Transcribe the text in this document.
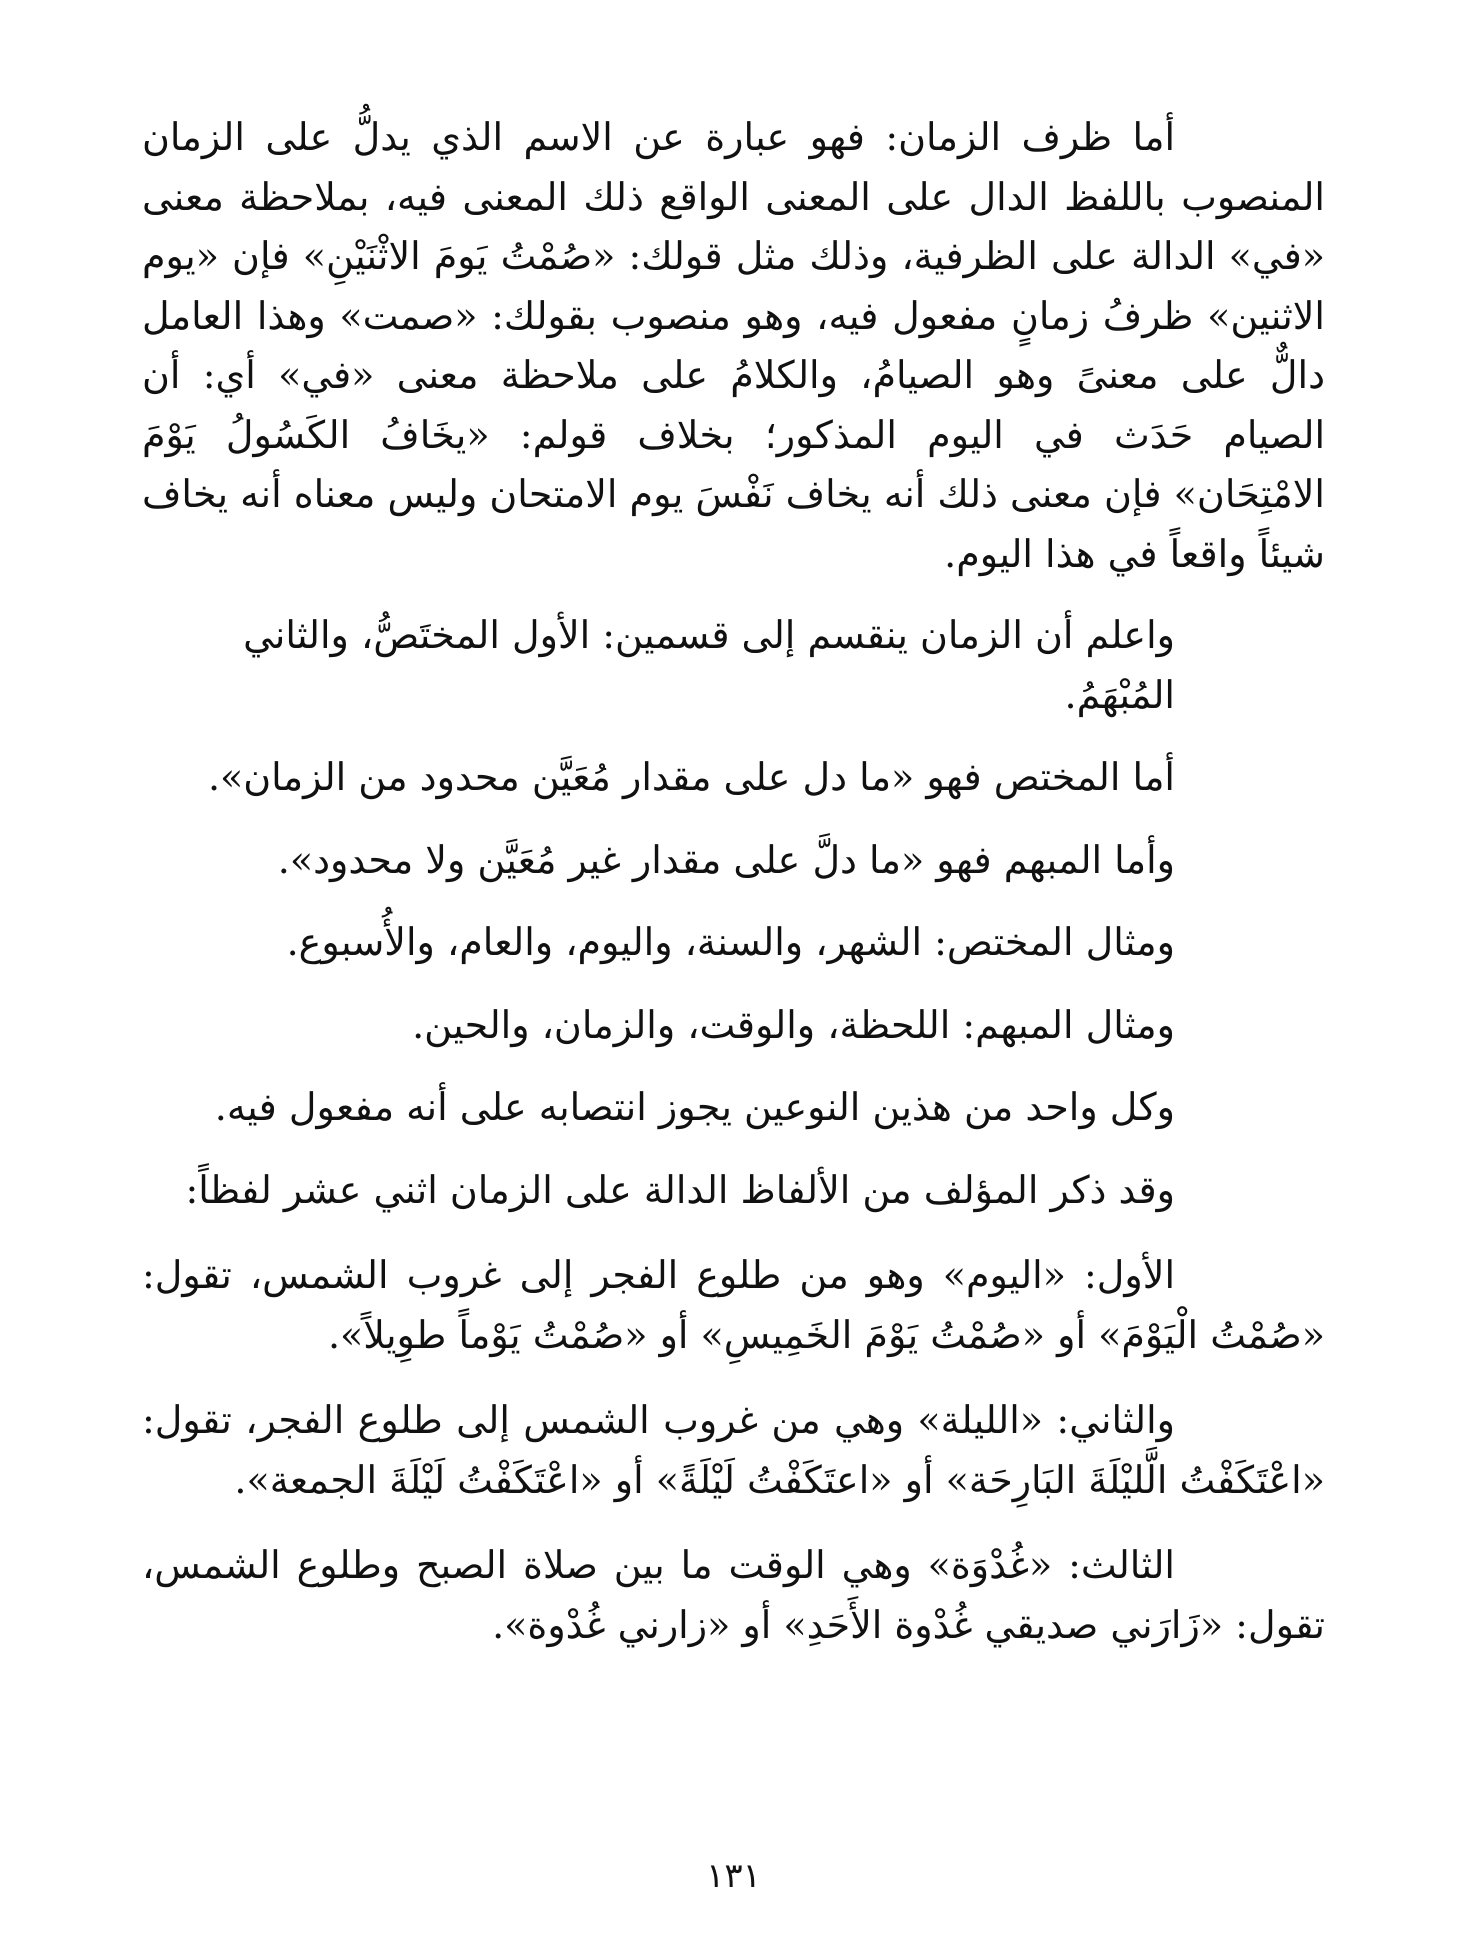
أما ظرف الزمان: فهو عبارة عن الاسم الذي يدلُّ على الزمان المنصوب باللفظ الدال على المعنى الواقع ذلك المعنى فيه، بملاحظة معنى «في» الدالة على الظرفية، وذلك مثل قولك: «صُمْتُ يَومَ الاثْنَيْنِ» فإن «يوم الاثنين» ظرفُ زمانٍ مفعول فيه، وهو منصوب بقولك: «صمت» وهذا العامل دالٌّ على معنىً وهو الصيامُ، والكلامُ على ملاحظة معنى «في» أي: أن الصيام حَدَث في اليوم المذكور؛ بخلاف قولم: «يخَافُ الكَسُولُ يَوْمَ الامْتِحَان» فإن معنى ذلك أنه يخاف نَفْسَ يوم الامتحان وليس معناه أنه يخاف شيئاً واقعاً في هذا اليوم.

واعلم أن الزمان ينقسم إلى قسمين: الأول المختَصُّ، والثاني المُبْهَمُ.

أما المختص فهو «ما دل على مقدار مُعَيَّن محدود من الزمان».

وأما المبهم فهو «ما دلَّ على مقدار غير مُعَيَّن ولا محدود».

ومثال المختص: الشهر، والسنة، واليوم، والعام، والأُسبوع.

ومثال المبهم: اللحظة، والوقت، والزمان، والحين.

وكل واحد من هذين النوعين يجوز انتصابه على أنه مفعول فيه.

وقد ذكر المؤلف من الألفاظ الدالة على الزمان اثني عشر لفظاً:

الأول: «اليوم» وهو من طلوع الفجر إلى غروب الشمس، تقول: «صُمْتُ الْيَوْمَ» أو «صُمْتُ يَوْمَ الخَمِيسِ» أو «صُمْتُ يَوْماً طوِيلاً».

والثاني: «الليلة» وهي من غروب الشمس إلى طلوع الفجر، تقول: «اعْتَكَفْتُ الَّليْلَةَ البَارِحَة» أو «اعتَكَفْتُ لَيْلَةً» أو «اعْتَكَفْتُ لَيْلَةَ الجمعة».

الثالث: «غُدْوَة» وهي الوقت ما بين صلاة الصبح وطلوع الشمس، تقول: «زَارَني صديقي غُدْوة الأَحَدِ» أو «زارني غُدْوة».

١٣١
